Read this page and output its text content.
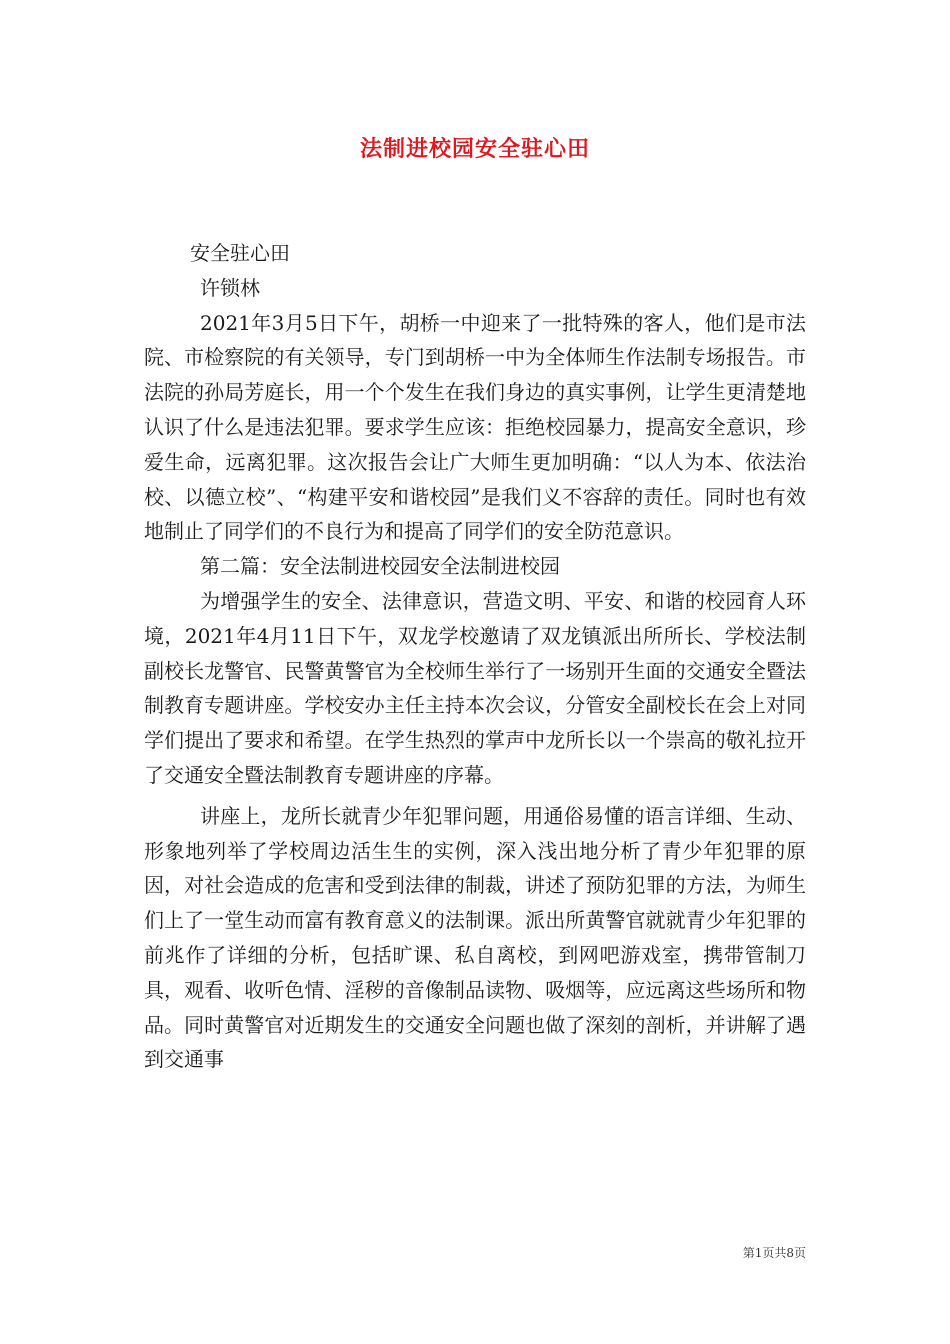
法制进校园安全驻心田

安全驻心田

许锁林

2021年3月5日下午，胡桥一中迎来了一批特殊的客人，他们是市法院、市检察院的有关领导，专门到胡桥一中为全体师生作法制专场报告。市法院的孙局芳庭长，用一个个发生在我们身边的真实事例，让学生更清楚地认识了什么是违法犯罪。要求学生应该：拒绝校园暴力，提高安全意识，珍爱生命，远离犯罪。这次报告会让广大师生更加明确：“以人为本、依法治校、以德立校”、“构建平安和谐校园”是我们义不容辞的责任。同时也有效地制止了同学们的不良行为和提高了同学们的安全防范意识。

第二篇：安全法制进校园安全法制进校园

为增强学生的安全、法律意识，营造文明、平安、和谐的校园育人环境，2021年4月11日下午，双龙学校邀请了双龙镇派出所所长、学校法制副校长龙警官、民警黄警官为全校师生举行了一场别开生面的交通安全暨法制教育专题讲座。学校安办主任主持本次会议，分管安全副校长在会上对同学们提出了要求和希望。在学生热烈的掌声中龙所长以一个崇高的敬礼拉开了交通安全暨法制教育专题讲座的序幕。

讲座上，龙所长就青少年犯罪问题，用通俗易懂的语言详细、生动、形象地列举了学校周边活生生的实例，深入浅出地分析了青少年犯罪的原因，对社会造成的危害和受到法律的制裁，讲述了预防犯罪的方法，为师生们上了一堂生动而富有教育意义的法制课。派出所黄警官就就青少年犯罪的前兆作了详细的分析，包括旷课、私自离校，到网吧游戏室，携带管制刀具，观看、收听色情、淫秽的音像制品读物、吸烟等，应远离这些场所和物品。同时黄警官对近期发生的交通安全问题也做了深刻的剖析，并讲解了遇到交通事

第1页共8页
